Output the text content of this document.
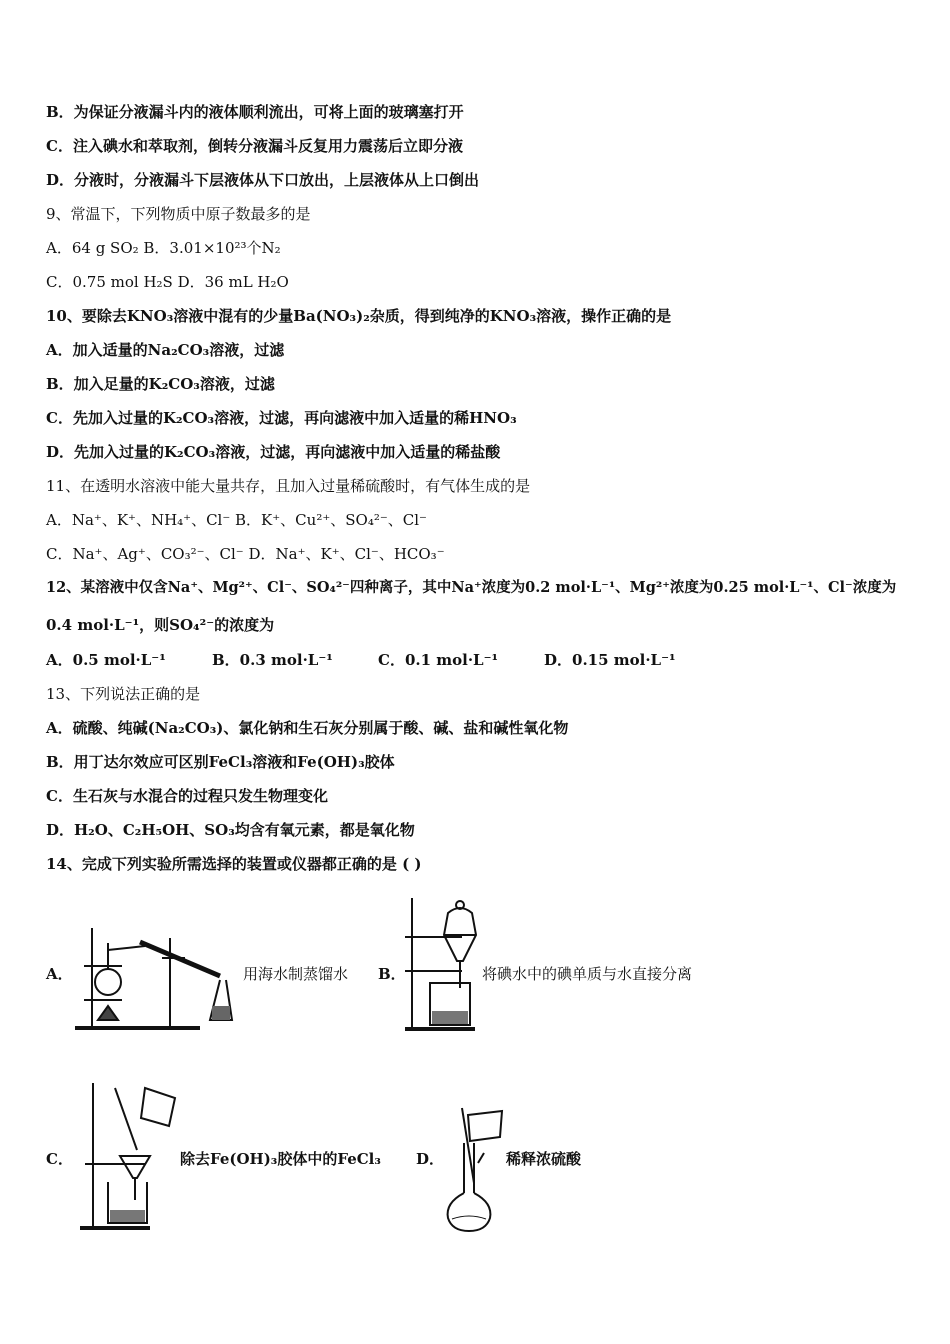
B．为保证分液漏斗内的液体顺利流出，可将上面的玻璃塞打开
C．注入碘水和萃取剂，倒转分液漏斗反复用力震荡后立即分液
D．分液时，分液漏斗下层液体从下口放出，上层液体从上口倒出
9、常温下，下列物质中原子数最多的是
A．64 g SO₂ B．3.01×10²³个N₂
C．0.75 mol H₂S D．36 mL H₂O
10、要除去KNO₃溶液中混有的少量Ba(NO₃)₂杂质，得到纯净的KNO₃溶液，操作正确的是
A．加入适量的Na₂CO₃溶液，过滤
B．加入足量的K₂CO₃溶液，过滤
C．先加入过量的K₂CO₃溶液，过滤，再向滤液中加入适量的稀HNO₃
D．先加入过量的K₂CO₃溶液，过滤，再向滤液中加入适量的稀盐酸
11、在透明水溶液中能大量共存，且加入过量稀硫酸时，有气体生成的是
A．Na⁺、K⁺、NH₄⁺、Cl⁻ B．K⁺、Cu²⁺、SO₄²⁻、Cl⁻
C．Na⁺、Ag⁺、CO₃²⁻、Cl⁻ D．Na⁺、K⁺、Cl⁻、HCO₃⁻
12、某溶液中仅含Na⁺、Mg²⁺、Cl⁻、SO₄²⁻四种离子，其中Na⁺浓度为0.2 mol·L⁻¹、Mg²⁺浓度为0.25 mol·L⁻¹、Cl⁻浓度为
0.4 mol·L⁻¹，则SO₄²⁻的浓度为
A．0.5 mol·L⁻¹	B．0.3 mol·L⁻¹	C．0.1 mol·L⁻¹	D．0.15 mol·L⁻¹
13、下列说法正确的是
A．硫酸、纯碱(Na₂CO₃)、氯化钠和生石灰分别属于酸、碱、盐和碱性氧化物
B．用丁达尔效应可区别FeCl₃溶液和Fe(OH)₃胶体
C．生石灰与水混合的过程只发生物理变化
D．H₂O、C₂H₅OH、SO₃均含有氧元素，都是氧化物
14、完成下列实验所需选择的装置或仪器都正确的是 ( )
A．	用海水制蒸馏水 B．	将碘水中的碘单质与水直接分离
C．	除去Fe(OH)₃胶体中的FeCl₃ D．	稀释浓硫酸
